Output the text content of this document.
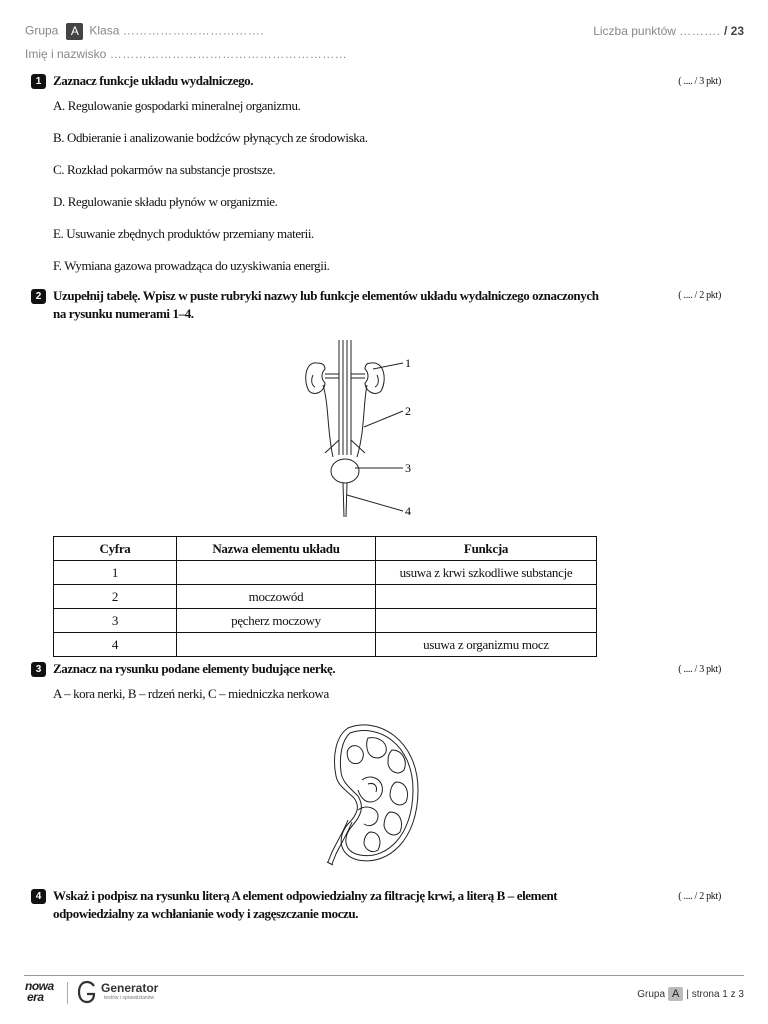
Grupa A Klasa …………………………….	Liczba punktów ………. / 23
Imię i nazwisko …………………………………………………
1 Zaznacz funkcje układu wydalniczego.	( .... / 3 pkt)
A. Regulowanie gospodarki mineralnej organizmu.
B. Odbieranie i analizowanie bodźców płynących ze środowiska.
C. Rozkład pokarmów na substancje prostsze.
D. Regulowanie składu płynów w organizmie.
E. Usuwanie zbędnych produktów przemiany materii.
F. Wymiana gazowa prowadząca do uzyskiwania energii.
2 Uzupełnij tabelę. Wpisz w puste rubryki nazwy lub funkcje elementów układu wydalniczego oznaczonych
na rysunku numerami 1–4.
( .... / 2 pkt)
1
2
3
4
Cyfra	Nazwa elementu układu	Funkcja
1		usuwa z krwi szkodliwe substancje
2	moczowód	
3	pęcherz moczowy	
4		usuwa z organizmu mocz
3 Zaznacz na rysunku podane elementy budujące nerkę.	( .... / 3 pkt)
A – kora nerki, B – rdzeń nerki, C – miedniczka nerkowa
4 Wskaż i podpisz na rysunku literą A element odpowiedzialny za filtrację krwi, a literą B – element
odpowiedzialny za wchłanianie wody i zagęszczanie moczu.
( .... / 2 pkt)
nowa
era
Generator
testów i sprawdzianów	Grupa A | strona 1 z 3
